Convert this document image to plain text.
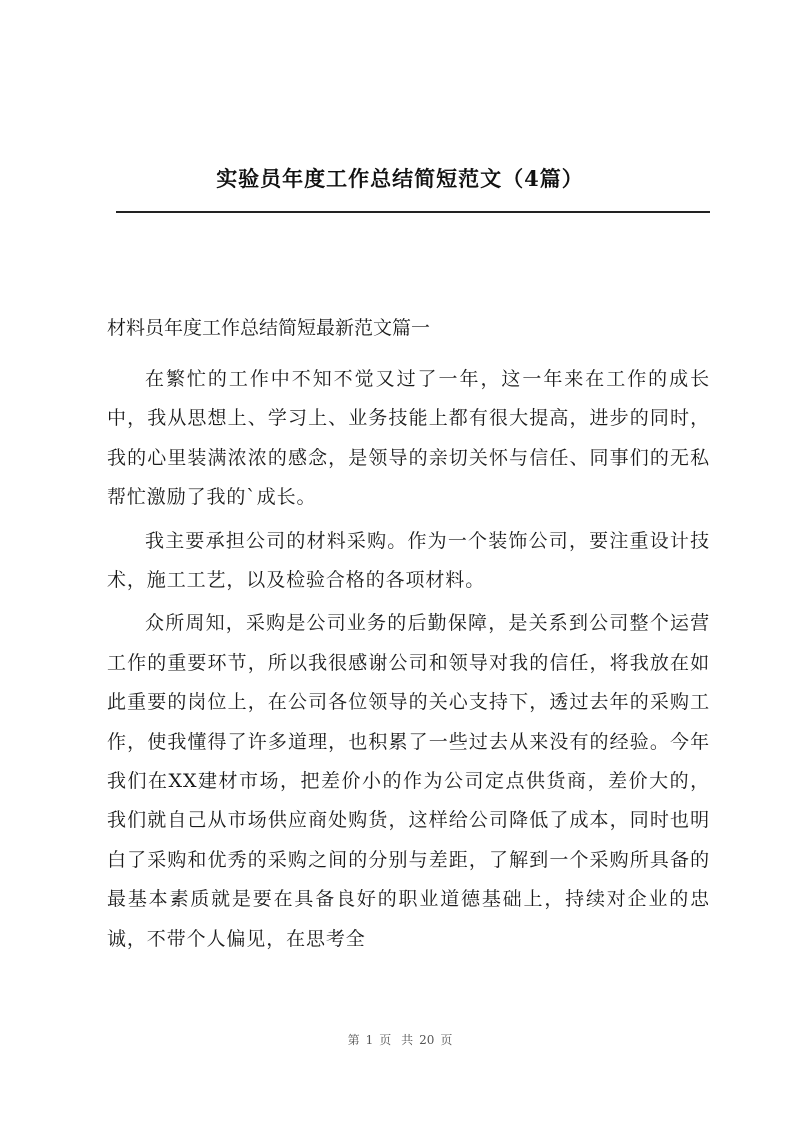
实验员年度工作总结简短范文（4篇）

材料员年度工作总结简短最新范文篇一

在繁忙的工作中不知不觉又过了一年，这一年来在工作的成长中，我从思想上、学习上、业务技能上都有很大提高，进步的同时，我的心里装满浓浓的感念，是领导的亲切关怀与信任、同事们的无私帮忙激励了我的`成长。

我主要承担公司的材料采购。作为一个装饰公司，要注重设计技术，施工工艺，以及检验合格的各项材料。

众所周知，采购是公司业务的后勤保障，是关系到公司整个运营工作的重要环节，所以我很感谢公司和领导对我的信任，将我放在如此重要的岗位上，在公司各位领导的关心支持下，透过去年的采购工作，使我懂得了许多道理，也积累了一些过去从来没有的经验。今年我们在XX建材市场，把差价小的作为公司定点供货商，差价大的，我们就自己从市场供应商处购货，这样给公司降低了成本，同时也明白了采购和优秀的采购之间的分别与差距，了解到一个采购所具备的最基本素质就是要在具备良好的职业道德基础上，持续对企业的忠诚，不带个人偏见，在思考全

第 1 页 共 20 页
